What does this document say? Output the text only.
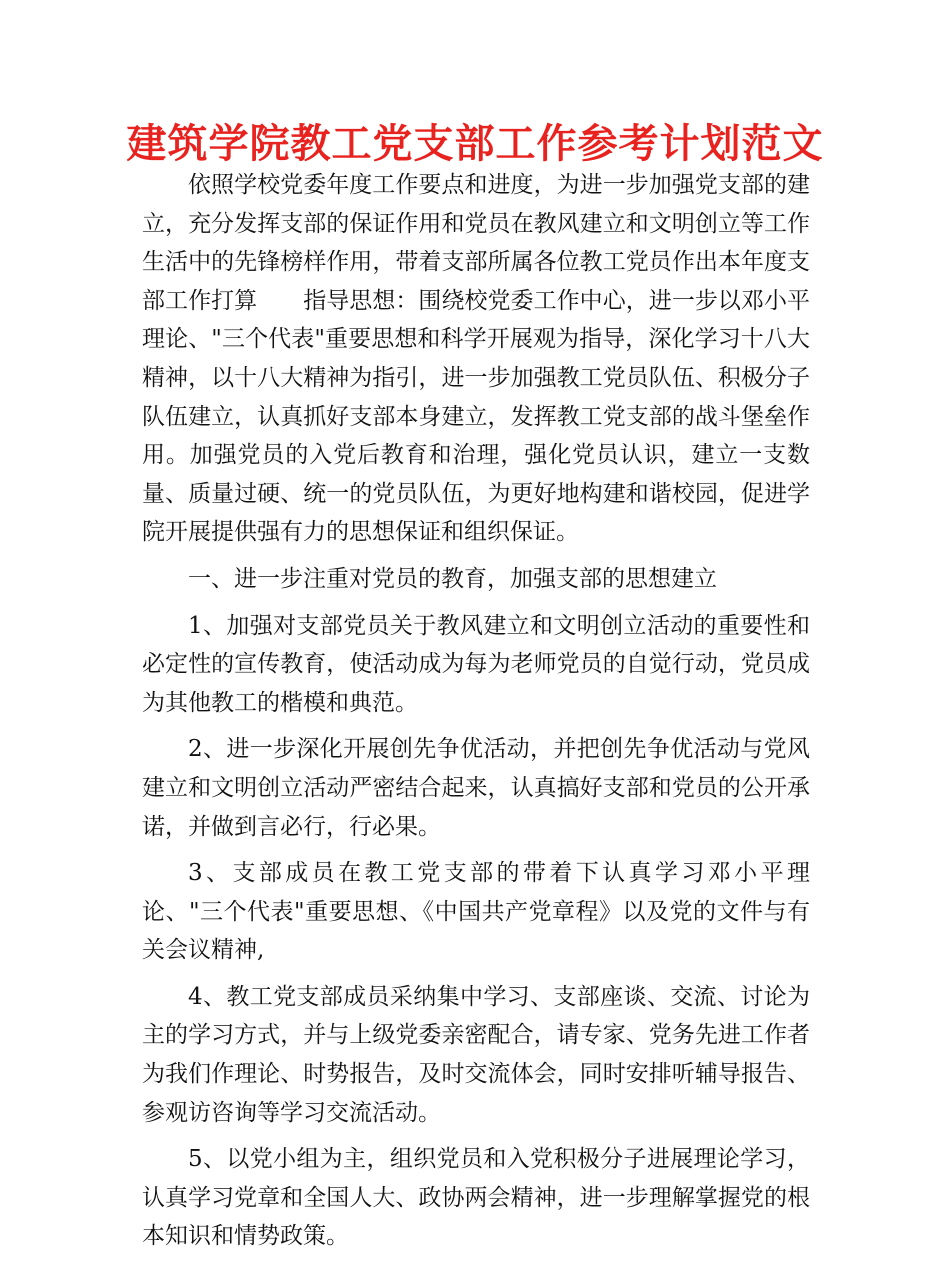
建筑学院教工党支部工作参考计划范文

依照学校党委年度工作要点和进度，为进一步加强党支部的建立，充分发挥支部的保证作用和党员在教风建立和文明创立等工作生活中的先锋榜样作用，带着支部所属各位教工党员作出本年度支部工作打算 指导思想：围绕校党委工作中心，进一步以邓小平理论、"三个代表"重要思想和科学开展观为指导，深化学习十八大精神，以十八大精神为指引，进一步加强教工党员队伍、积极分子队伍建立，认真抓好支部本身建立，发挥教工党支部的战斗堡垒作用。加强党员的入党后教育和治理，强化党员认识，建立一支数量、质量过硬、统一的党员队伍，为更好地构建和谐校园，促进学院开展提供强有力的思想保证和组织保证。

一、进一步注重对党员的教育，加强支部的思想建立

1、加强对支部党员关于教风建立和文明创立活动的重要性和必定性的宣传教育，使活动成为每为老师党员的自觉行动，党员成为其他教工的楷模和典范。

2、进一步深化开展创先争优活动，并把创先争优活动与党风建立和文明创立活动严密结合起来，认真搞好支部和党员的公开承诺，并做到言必行，行必果。

3、支部成员在教工党支部的带着下认真学习邓小平理论、"三个代表"重要思想、《中国共产党章程》以及党的文件与有关会议精神,

4、教工党支部成员采纳集中学习、支部座谈、交流、讨论为主的学习方式，并与上级党委亲密配合，请专家、党务先进工作者为我们作理论、时势报告，及时交流体会，同时安排听辅导报告、参观访咨询等学习交流活动。

5、以党小组为主，组织党员和入党积极分子进展理论学习，认真学习党章和全国人大、政协两会精神，进一步理解掌握党的根本知识和情势政策。
